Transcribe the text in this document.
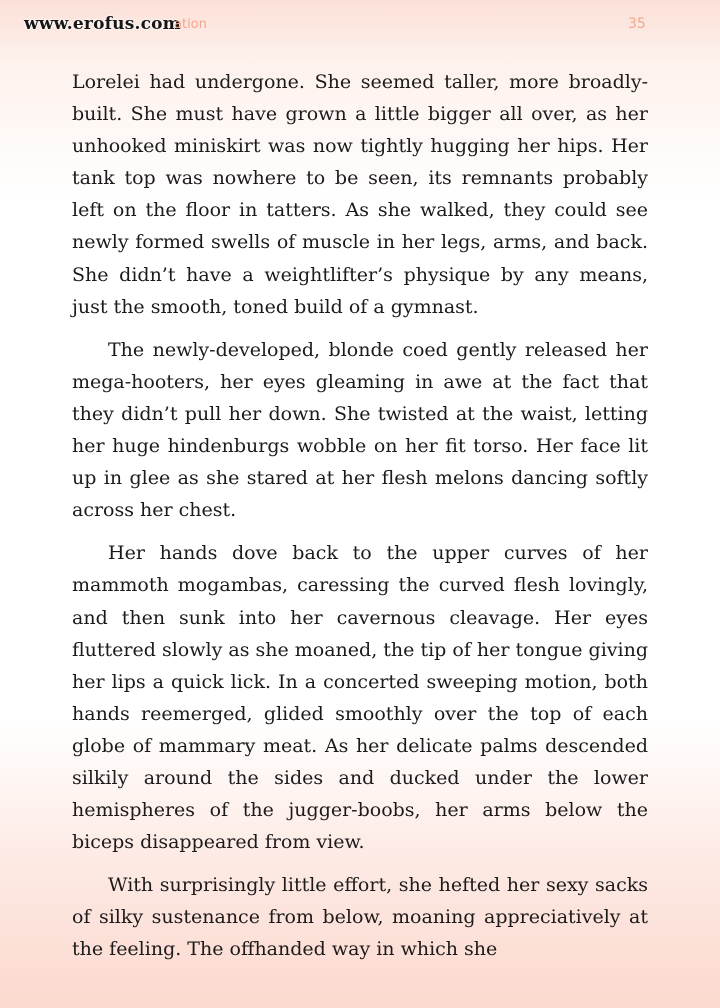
www.erofus.com
ation	35

Lorelei had undergone. She seemed taller, more broadly-built. She must have grown a little bigger all over, as her unhooked miniskirt was now tightly hugging her hips. Her tank top was nowhere to be seen, its remnants probably left on the floor in tatters. As she walked, they could see newly formed swells of muscle in her legs, arms, and back. She didn’t have a weightlifter’s physique by any means, just the smooth, toned build of a gymnast.

The newly-developed, blonde coed gently released her mega-hooters, her eyes gleaming in awe at the fact that they didn’t pull her down. She twisted at the waist, letting her huge hindenburgs wobble on her fit torso. Her face lit up in glee as she stared at her flesh melons dancing softly across her chest.

Her hands dove back to the upper curves of her mammoth mogambas, caressing the curved flesh lovingly, and then sunk into her cavernous cleavage. Her eyes fluttered slowly as she moaned, the tip of her tongue giving her lips a quick lick. In a concerted sweeping motion, both hands reemerged, glided smoothly over the top of each globe of mammary meat. As her delicate palms descended silkily around the sides and ducked under the lower hemispheres of the jugger-boobs, her arms below the biceps disappeared from view.

With surprisingly little effort, she hefted her sexy sacks of silky sustenance from below, moaning appreciatively at the feeling. The offhanded way in which she
